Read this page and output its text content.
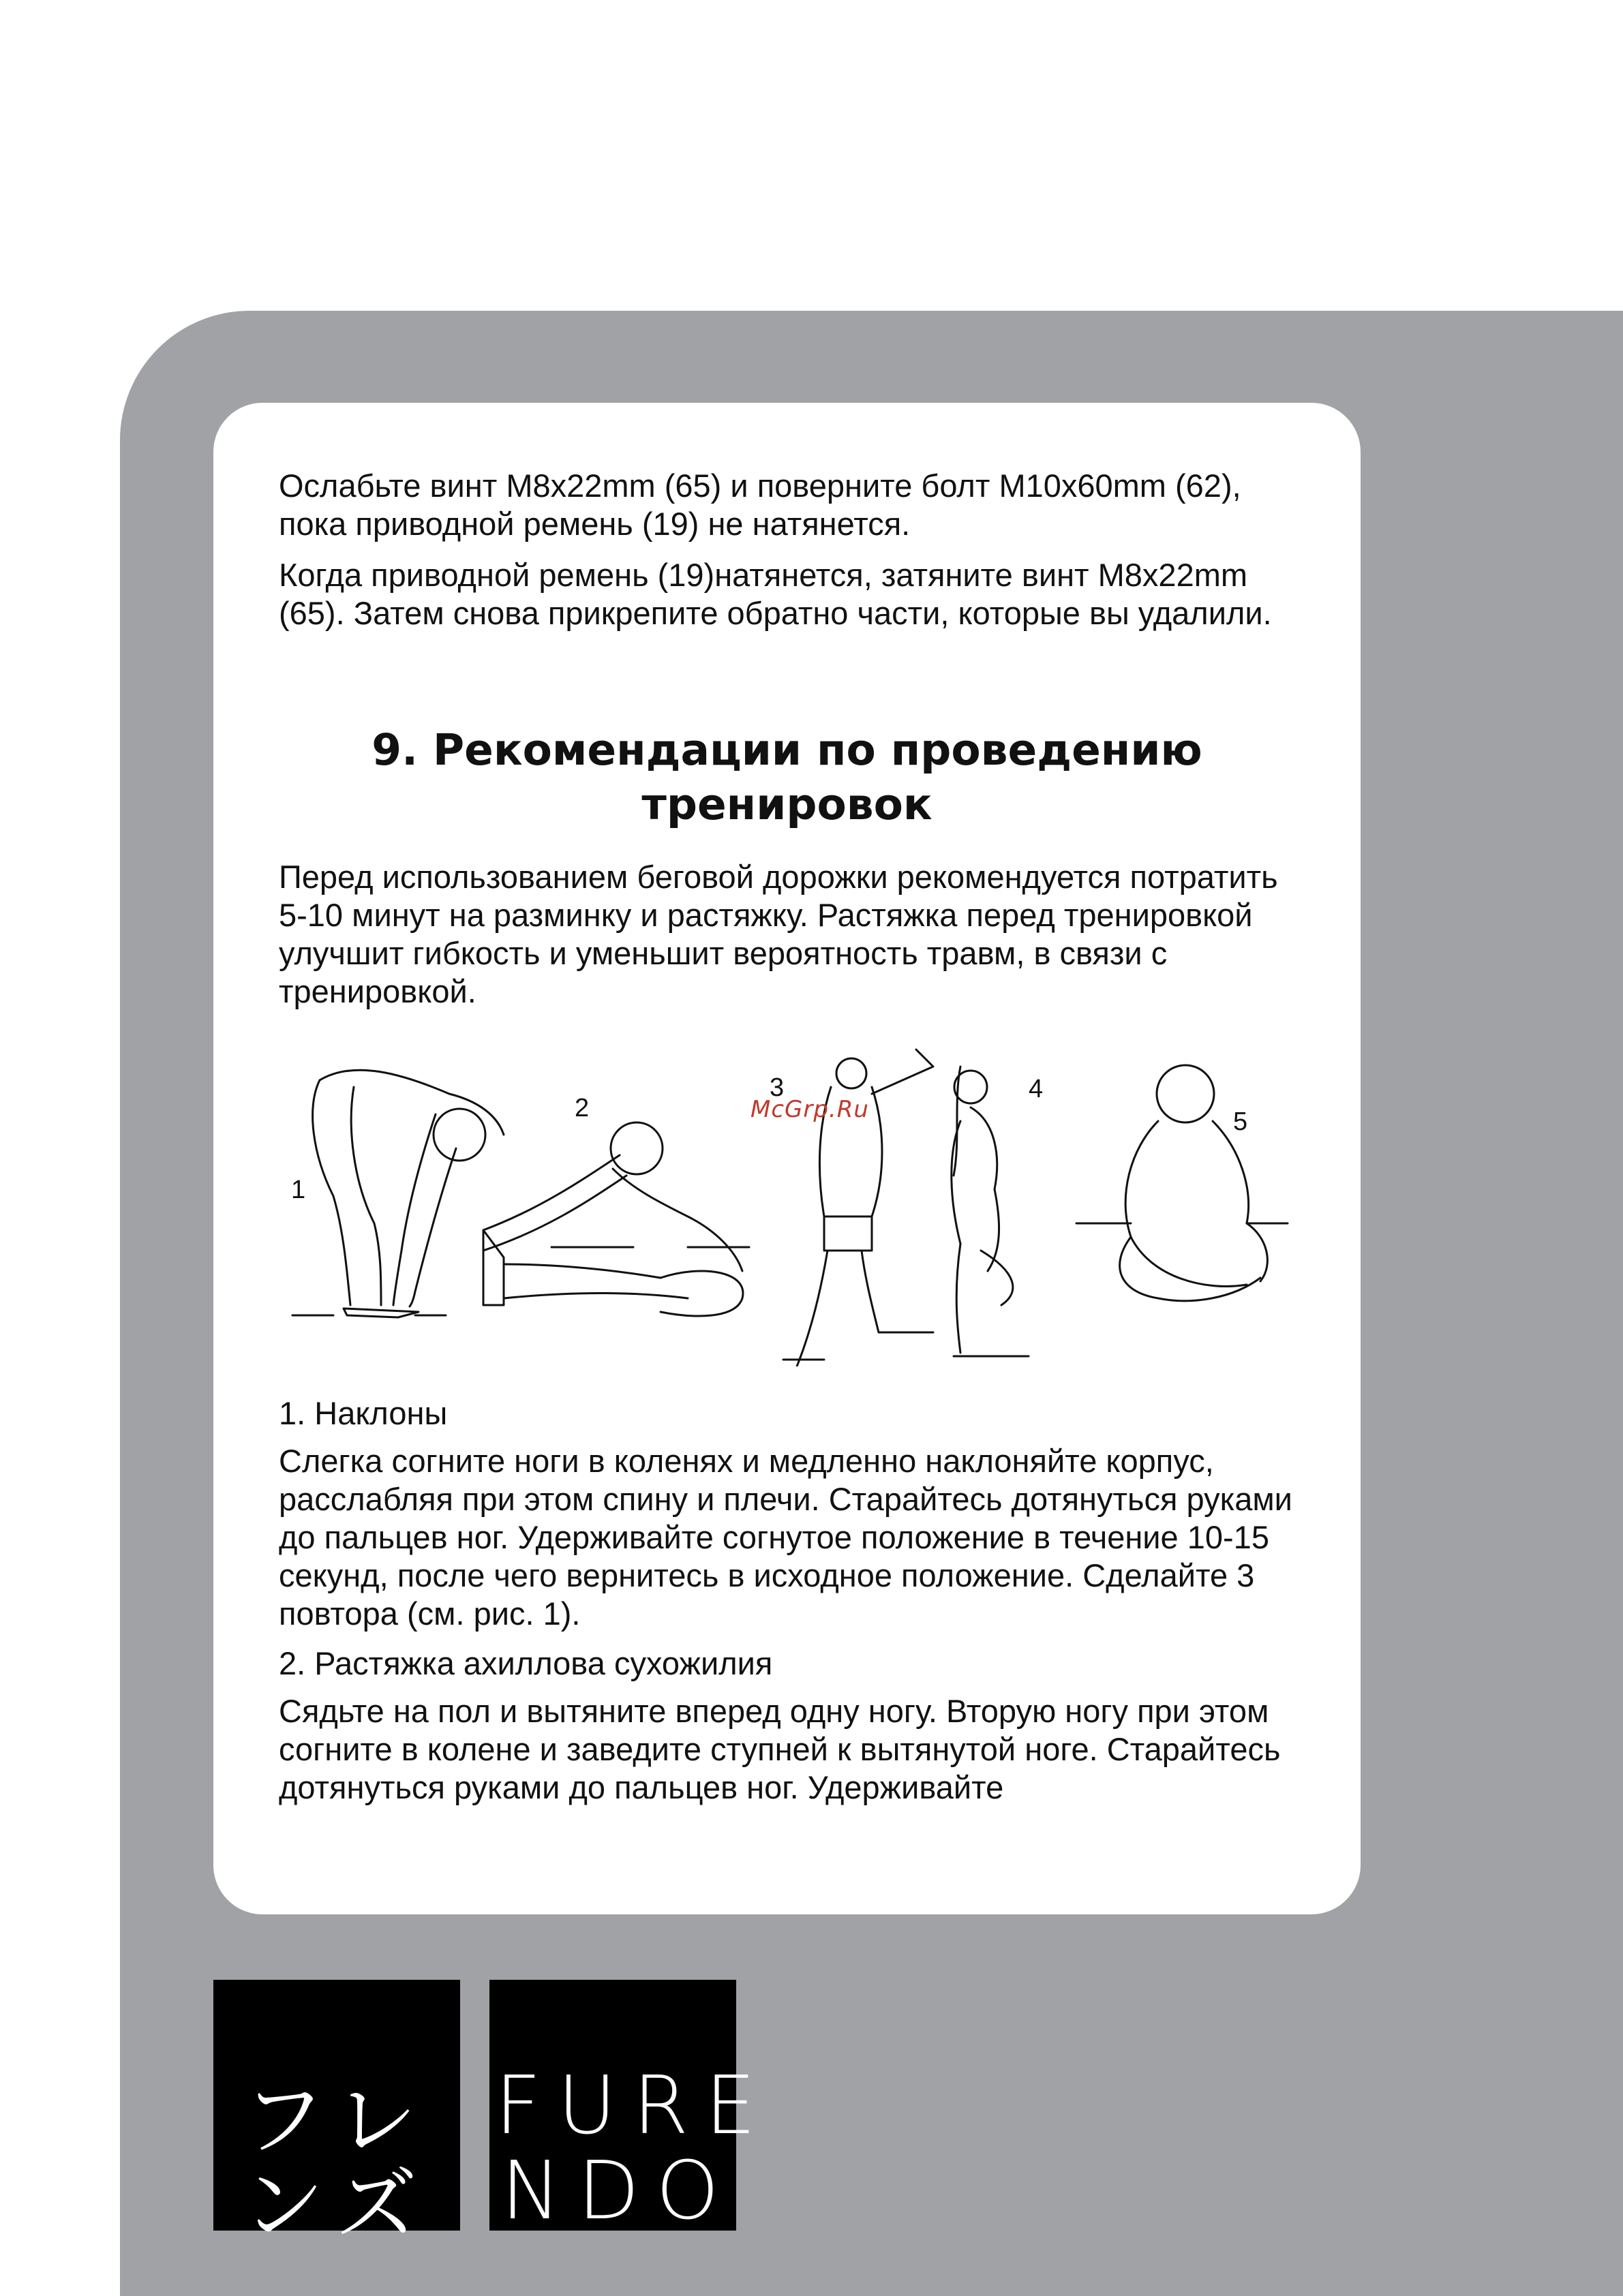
Ослабьте винт M8x22mm (65) и поверните болт M10x60mm (62), пока приводной ремень (19) не натянется.

Когда приводной ремень (19)натянется, затяните винт M8x22mm (65). Затем снова прикрепите обратно части, которые вы удалили.

9. Рекомендации по проведению
тренировок

Перед использованием беговой дорожки рекомендуется потратить 5-10 минут на разминку и растяжку. Растяжка перед тренировкой улучшит гибкость и уменьшит вероятность травм, в связи с тренировкой.

1
2
3	4
5
McGrp.Ru

1. Наклоны

Слегка согните ноги в коленях и медленно наклоняйте корпус, расслабляя при этом спину и плечи. Старайтесь дотянуться руками до пальцев ног. Удерживайте согнутое положение в течение 10-15 секунд, после чего вернитесь в исходное положение. Сделайте 3 повтора (см. рис. 1).

2. Растяжка ахиллова сухожилия

Сядьте на пол и вытяните вперед одну ногу. Вторую ногу при этом согните в колене и заведите ступней к вытянутой ноге. Старайтесь дотянуться руками до пальцев ног. Удерживайте

フレ
ンズ
FURE
NDO
